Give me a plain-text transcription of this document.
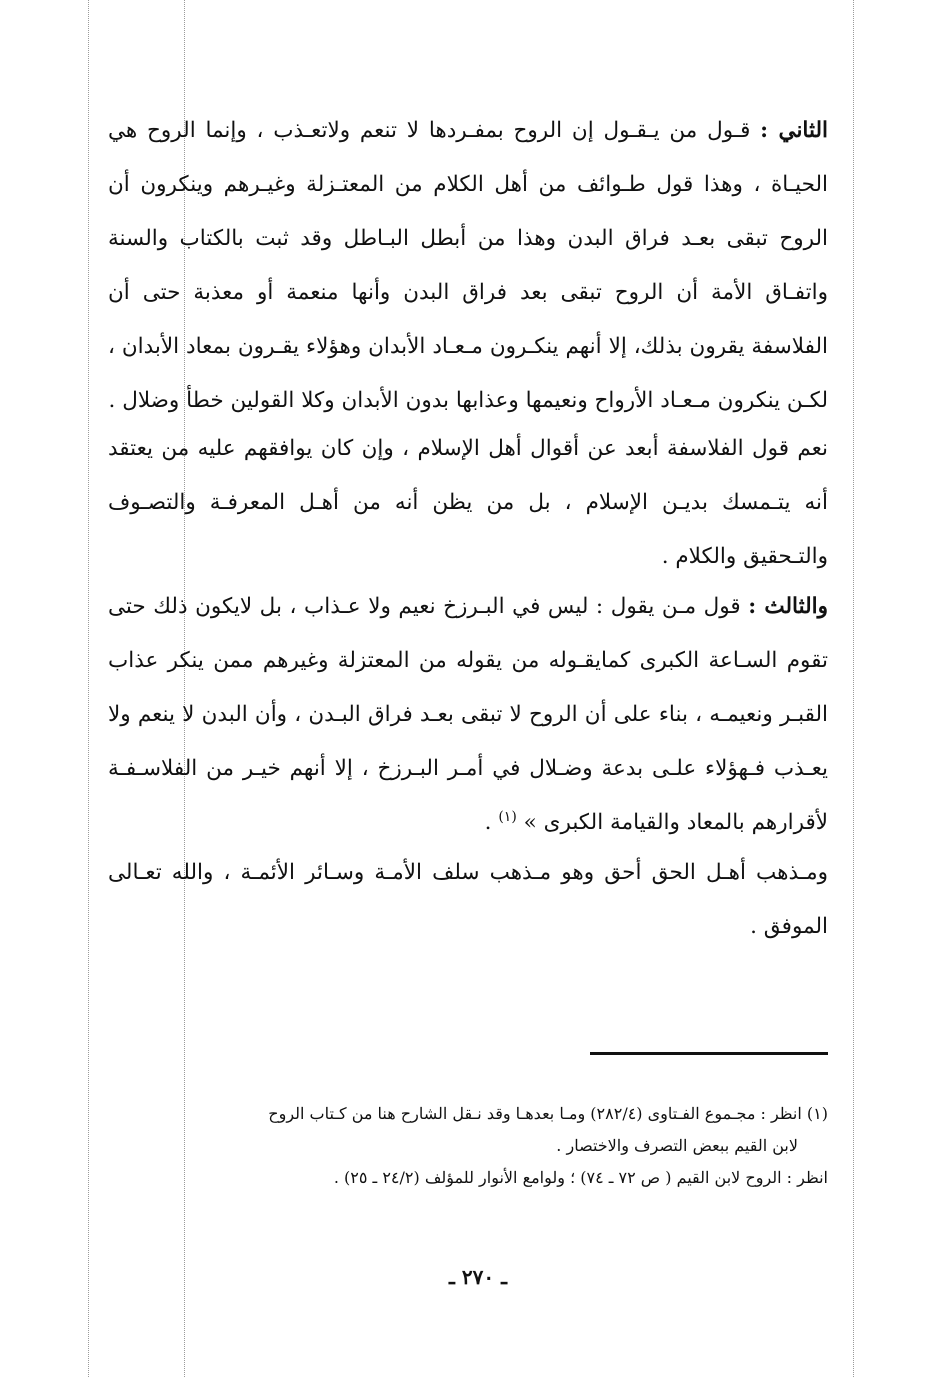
الثاني : قـول من يـقـول إن الروح بمفـردها لا تنعم ولاتعـذب ، وإنما الروح هي الحيـاة ، وهذا قول طـوائف من أهل الكلام من المعتـزلة وغيـرهم وينكرون أن الروح تبقى بعـد فراق البدن وهذا من أبطل البـاطل وقد ثبت بالكتاب والسنة واتفـاق الأمة أن الروح تبقى بعد فراق البدن وأنها منعمة أو معذبة حتى أن الفلاسفة يقرون بذلك، إلا أنهم ينكـرون مـعـاد الأبدان وهؤلاء يقـرون بمعاد الأبدان ، لكـن ينكرون مـعـاد الأرواح ونعيمها وعذابها بدون الأبدان وكلا القولين خطأ وضلال .

نعم قول الفلاسفة أبعد عن أقوال أهل الإسلام ، وإن كان يوافقهم عليه من يعتقد أنه يتـمسك بديـن الإسلام ، بل من يظن أنه من أهـل المعرفـة والتصـوف والتـحقيق والكلام .

والثالث : قول مـن يقول : ليس في البـرزخ نعيم ولا عـذاب ، بل لايكون ذلك حتى تقوم السـاعة الكبرى كمايقـوله من يقوله من المعتزلة وغيرهم ممن ينكر عذاب القبـر ونعيمـه ، بناء على أن الروح لا تبقى بعـد فراق البـدن ، وأن البدن لا ينعم ولا يعـذب فـهؤلاء علـى بدعة وضـلال في أمـر البـرزخ ، إلا أنهم خيـر من الفلاسـفـة لأقرارهم بالمعاد والقيامة الكبرى » $^{(١)}$ .

ومـذهب أهـل الحق أحق وهو مـذهب سلف الأمـة وسـائر الأئمـة ، والله تعـالى الموفق .

(١) انظر : مجـموع الفـتاوى (٢٨٢/٤) ومـا بعدهـا وقد نـقل الشارح هنا من كـتاب الروح

لابن القيم ببعض التصرف والاختصار .

انظر : الروح لابن القيم ( ص ٧٢ ـ ٧٤) ؛ ولوامع الأنوار للمؤلف (٢٤/٢ ـ ٢٥) .

ـ ٢٧٠ ـ
